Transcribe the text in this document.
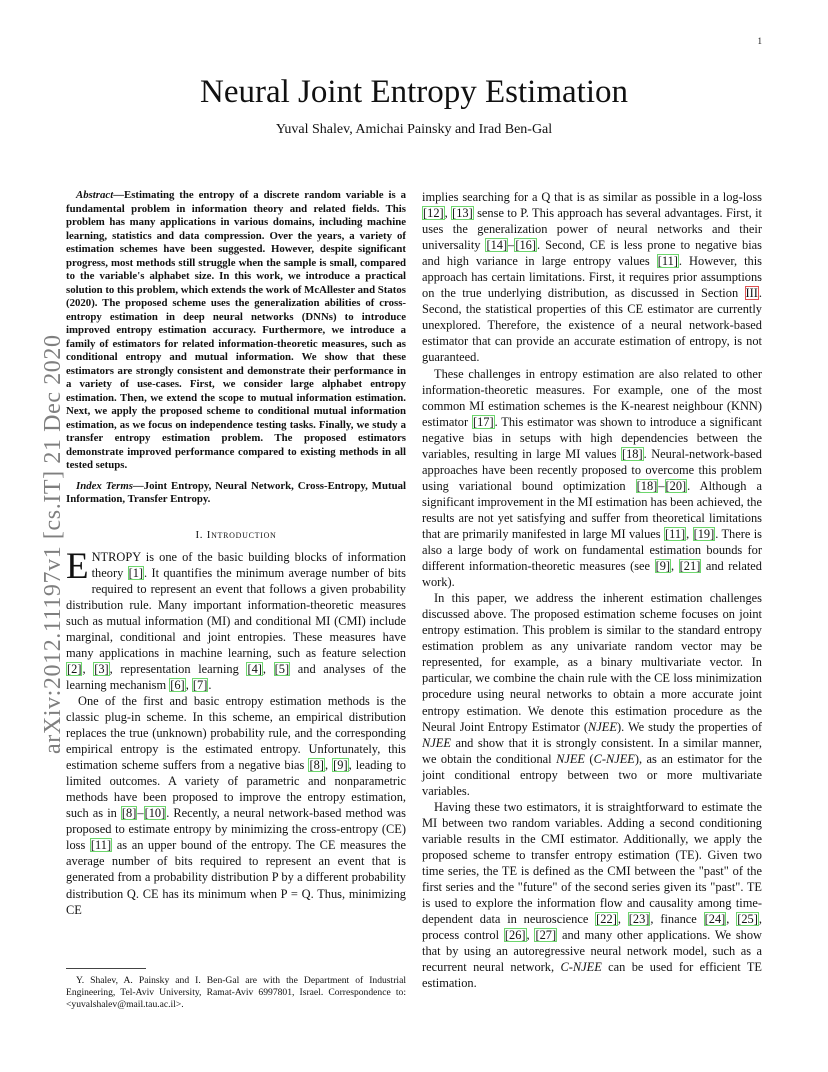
1
arXiv:2012.11197v1 [cs.IT] 21 Dec 2020
Neural Joint Entropy Estimation
Yuval Shalev, Amichai Painsky and Irad Ben-Gal

Abstract—Estimating the entropy of a discrete random variable is a fundamental problem in information theory and related fields. This problem has many applications in various domains, including machine learning, statistics and data compression. Over the years, a variety of estimation schemes have been suggested. However, despite significant progress, most methods still struggle when the sample is small, compared to the variable's alphabet size. In this work, we introduce a practical solution to this problem, which extends the work of McAllester and Statos (2020). The proposed scheme uses the generalization abilities of cross-entropy estimation in deep neural networks (DNNs) to introduce improved entropy estimation accuracy. Furthermore, we introduce a family of estimators for related information-theoretic measures, such as conditional entropy and mutual information. We show that these estimators are strongly consistent and demonstrate their performance in a variety of use-cases. First, we consider large alphabet entropy estimation. Then, we extend the scope to mutual information estimation. Next, we apply the proposed scheme to conditional mutual information estimation, as we focus on independence testing tasks. Finally, we study a transfer entropy estimation problem. The proposed estimators demonstrate improved performance compared to existing methods in all tested setups.

Index Terms—Joint Entropy, Neural Network, Cross-Entropy, Mutual Information, Transfer Entropy.

I. Introduction

ENTROPY is one of the basic building blocks of information theory [1]. It quantifies the minimum average number of bits required to represent an event that follows a given probability distribution rule. Many important information-theoretic measures such as mutual information (MI) and conditional MI (CMI) include marginal, conditional and joint entropies. These measures have many applications in machine learning, such as feature selection [2], [3], representation learning [4], [5] and analyses of the learning mechanism [6], [7].

One of the first and basic entropy estimation methods is the classic plug-in scheme. In this scheme, an empirical distribution replaces the true (unknown) probability rule, and the corresponding empirical entropy is the estimated entropy. Unfortunately, this estimation scheme suffers from a negative bias [8], [9], leading to limited outcomes. A variety of parametric and nonparametric methods have been proposed to improve the entropy estimation, such as in [8]–[10]. Recently, a neural network-based method was proposed to estimate entropy by minimizing the cross-entropy (CE) loss [11] as an upper bound of the entropy. The CE measures the average number of bits required to represent an event that is generated from a probability distribution P by a different probability distribution Q. CE has its minimum when P = Q. Thus, minimizing CE

Y. Shalev, A. Painsky and I. Ben-Gal are with the Department of Industrial Engineering, Tel-Aviv University, Ramat-Aviv 6997801, Israel. Correspondence to:<yuvalshalev@mail.tau.ac.il>.

implies searching for a Q that is as similar as possible in a log-loss [12], [13] sense to P. This approach has several advantages. First, it uses the generalization power of neural networks and their universality [14]–[16]. Second, CE is less prone to negative bias and high variance in large entropy values [11]. However, this approach has certain limitations. First, it requires prior assumptions on the true underlying distribution, as discussed in Section III. Second, the statistical properties of this CE estimator are currently unexplored. Therefore, the existence of a neural network-based estimator that can provide an accurate estimation of entropy, is not guaranteed.

These challenges in entropy estimation are also related to other information-theoretic measures. For example, one of the most common MI estimation schemes is the K-nearest neighbour (KNN) estimator [17]. This estimator was shown to introduce a significant negative bias in setups with high dependencies between the variables, resulting in large MI values [18]. Neural-network-based approaches have been recently proposed to overcome this problem using variational bound optimization [18]–[20]. Although a significant improvement in the MI estimation has been achieved, the results are not yet satisfying and suffer from theoretical limitations that are primarily manifested in large MI values [11], [19]. There is also a large body of work on fundamental estimation bounds for different information-theoretic measures (see [9], [21] and related work).

In this paper, we address the inherent estimation challenges discussed above. The proposed estimation scheme focuses on joint entropy estimation. This problem is similar to the standard entropy estimation problem as any univariate random vector may be represented, for example, as a binary multivariate vector. In particular, we combine the chain rule with the CE loss minimization procedure using neural networks to obtain a more accurate joint entropy estimation. We denote this estimation procedure as the Neural Joint Entropy Estimator (NJEE). We study the properties of NJEE and show that it is strongly consistent. In a similar manner, we obtain the conditional NJEE (C-NJEE), as an estimator for the joint conditional entropy between two or more multivariate variables.

Having these two estimators, it is straightforward to estimate the MI between two random variables. Adding a second conditioning variable results in the CMI estimator. Additionally, we apply the proposed scheme to transfer entropy estimation (TE). Given two time series, the TE is defined as the CMI between the "past" of the first series and the "future" of the second series given its "past". TE is used to explore the information flow and causality among time-dependent data in neuroscience [22], [23], finance [24], [25], process control [26], [27] and many other applications. We show that by using an autoregressive neural network model, such as a recurrent neural network, C-NJEE can be used for efficient TE estimation.
